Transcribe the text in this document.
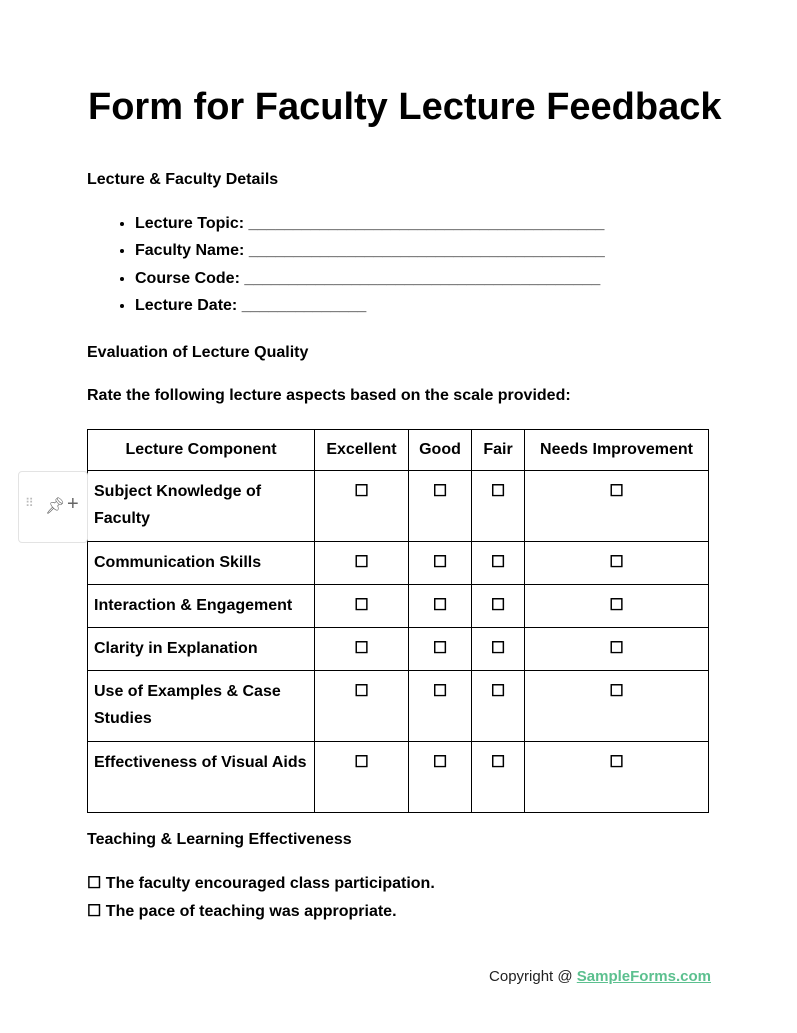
Form for Faculty Lecture Feedback
Lecture & Faculty Details
• Lecture Topic: ________________________________________
• Faculty Name: ________________________________________
• Course Code: ________________________________________
• Lecture Date: ______________
Evaluation of Lecture Quality
Rate the following lecture aspects based on the scale provided:
Lecture Component	Excellent	Good	Fair	Needs Improvement
Subject Knowledge of Faculty	☐	☐	☐	☐
Communication Skills	☐	☐	☐	☐
Interaction & Engagement	☐	☐	☐	☐
Clarity in Explanation	☐	☐	☐	☐
Use of Examples & Case Studies	☐	☐	☐	☐
Effectiveness of Visual Aids	☐	☐	☐	☐
⠿ 📌︎ +
Teaching & Learning Effectiveness
☐ The faculty encouraged class participation.
☐ The pace of teaching was appropriate.
Copyright @ SampleForms.com
